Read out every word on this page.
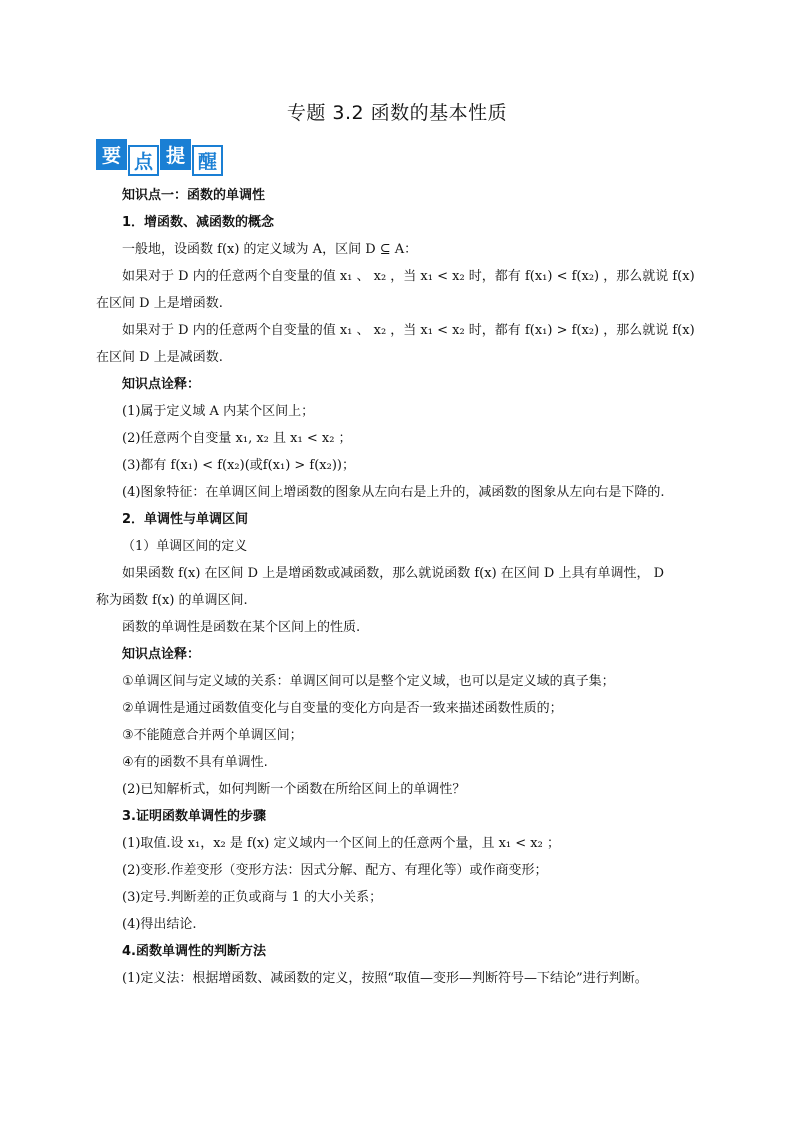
专题 3.2 函数的基本性质
要 点 提 醒
知识点一：函数的单调性
1．增函数、减函数的概念
一般地，设函数 f(x) 的定义域为 A，区间 D ⊆ A：
如果对于 D 内的任意两个自变量的值 x₁ 、 x₂ ，当 x₁ < x₂ 时，都有 f(x₁) < f(x₂) ，那么就说 f(x)
在区间 D 上是增函数.
如果对于 D 内的任意两个自变量的值 x₁ 、 x₂ ，当 x₁ < x₂ 时，都有 f(x₁) > f(x₂) ，那么就说 f(x)
在区间 D 上是减函数.
知识点诠释：
(1)属于定义域 A 内某个区间上；
(2)任意两个自变量 x₁, x₂ 且 x₁ < x₂ ；
(3)都有 f(x₁) < f(x₂)(或f(x₁) > f(x₂))；
(4)图象特征：在单调区间上增函数的图象从左向右是上升的，减函数的图象从左向右是下降的.
2．单调性与单调区间
（1）单调区间的定义
如果函数 f(x) 在区间 D 上是增函数或减函数，那么就说函数 f(x) 在区间 D 上具有单调性， D
称为函数 f(x) 的单调区间.
函数的单调性是函数在某个区间上的性质.
知识点诠释：
①单调区间与定义域的关系：单调区间可以是整个定义域，也可以是定义域的真子集；
②单调性是通过函数值变化与自变量的变化方向是否一致来描述函数性质的；
③不能随意合并两个单调区间；
④有的函数不具有单调性.
(2)已知解析式，如何判断一个函数在所给区间上的单调性？
3.证明函数单调性的步骤
(1)取值.设 x₁，x₂ 是 f(x) 定义域内一个区间上的任意两个量，且 x₁ < x₂ ；
(2)变形.作差变形（变形方法：因式分解、配方、有理化等）或作商变形；
(3)定号.判断差的正负或商与 1 的大小关系；
(4)得出结论.
4.函数单调性的判断方法
(1)定义法：根据增函数、减函数的定义，按照“取值—变形—判断符号—下结论”进行判断。
